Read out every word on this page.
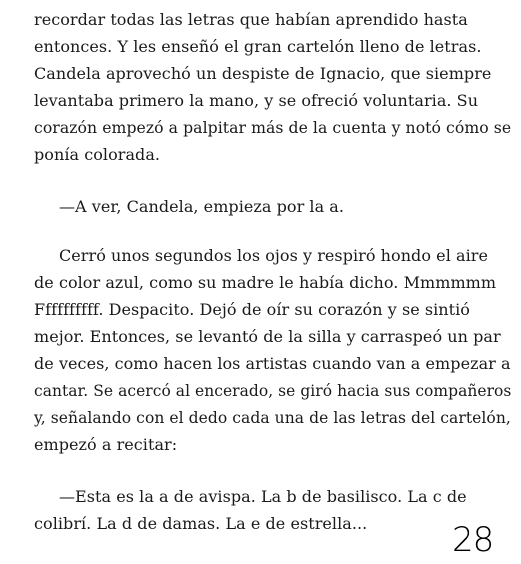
recordar todas las letras que habían aprendido hasta
entonces. Y les enseñó el gran cartelón lleno de letras.
Candela aprovechó un despiste de Ignacio, que siempre
levantaba primero la mano, y se ofreció voluntaria. Su
corazón empezó a palpitar más de la cuenta y notó cómo se
ponía colorada.
—A ver, Candela, empieza por la a.
Cerró unos segundos los ojos y respiró hondo el aire
de color azul, como su madre le había dicho. Mmmmmm
Ffffffffff. Despacito. Dejó de oír su corazón y se sintió
mejor. Entonces, se levantó de la silla y carraspeó un par
de veces, como hacen los artistas cuando van a empezar a
cantar. Se acercó al encerado, se giró hacia sus compañeros
y, señalando con el dedo cada una de las letras del cartelón,
empezó a recitar:
—Esta es la a de avispa. La b de basilisco. La c de
colibrí. La d de damas. La e de estrella... 28
